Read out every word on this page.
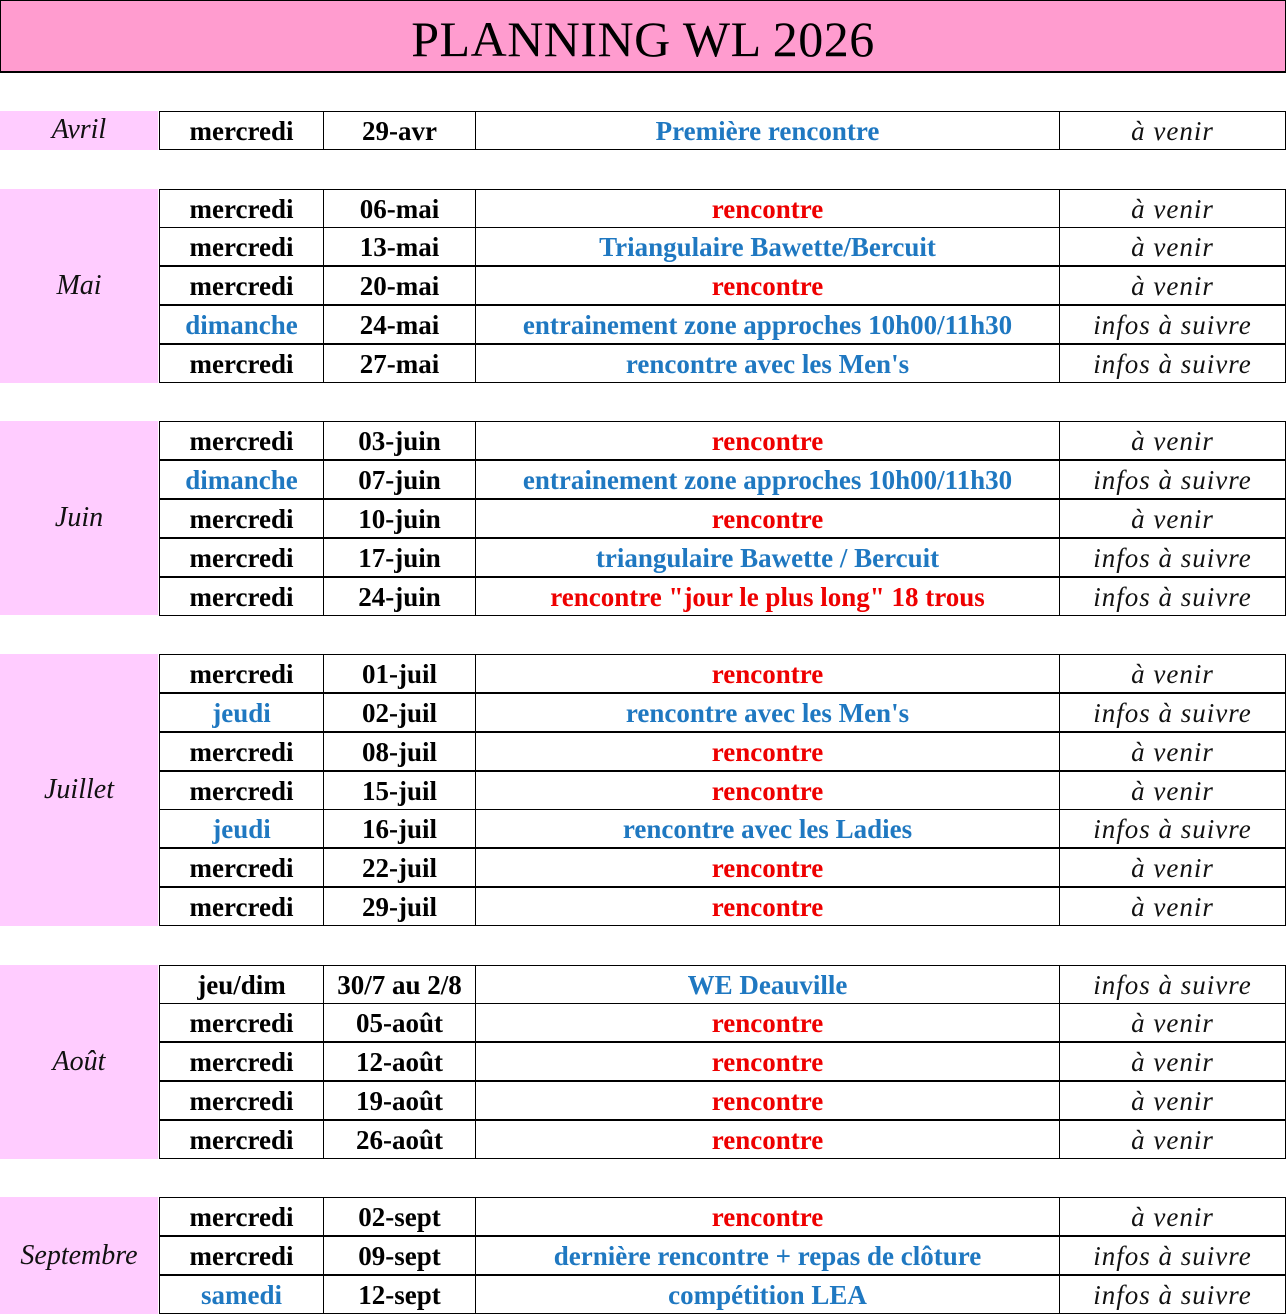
PLANNING WL 2026
Avril	mercredi	29-avr	Première rencontre	à venir
Mai
mercredi	06-mai	rencontre	à venir
mercredi	13-mai	Triangulaire Bawette/Bercuit	à venir
mercredi	20-mai	rencontre	à venir
dimanche	24-mai	entrainement zone approches 10h00/11h30	infos à suivre
mercredi	27-mai	rencontre avec les Men's	infos à suivre
Juin
mercredi	03-juin	rencontre	à venir
dimanche	07-juin	entrainement zone approches 10h00/11h30	infos à suivre
mercredi	10-juin	rencontre	à venir
mercredi	17-juin	triangulaire Bawette / Bercuit	infos à suivre
mercredi	24-juin	rencontre "jour le plus long" 18 trous	infos à suivre
Juillet
mercredi	01-juil	rencontre	à venir
jeudi	02-juil	rencontre avec les Men's	infos à suivre
mercredi	08-juil	rencontre	à venir
mercredi	15-juil	rencontre	à venir
jeudi	16-juil	rencontre avec les Ladies	infos à suivre
mercredi	22-juil	rencontre	à venir
mercredi	29-juil	rencontre	à venir
Août
jeu/dim	30/7 au 2/8	WE Deauville	infos à suivre
mercredi	05-août	rencontre	à venir
mercredi	12-août	rencontre	à venir
mercredi	19-août	rencontre	à venir
mercredi	26-août	rencontre	à venir
Septembre
mercredi	02-sept	rencontre	à venir
mercredi	09-sept	dernière rencontre + repas de clôture	infos à suivre
samedi	12-sept	compétition LEA	infos à suivre
